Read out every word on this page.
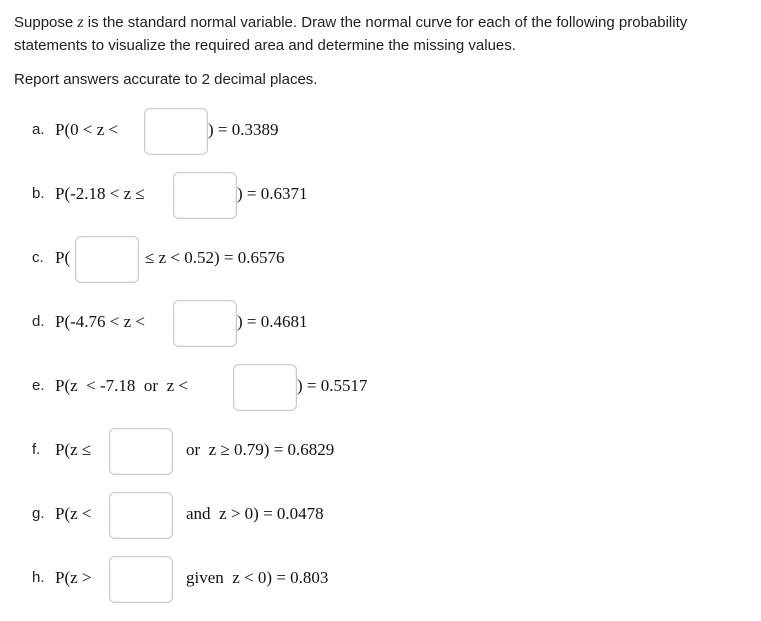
Suppose z is the standard normal variable. Draw the normal curve for each of the following probability statements to visualize the required area and determine the missing values.

Report answers accurate to 2 decimal places.

a. P(0 < z <	) = 0.3389
b. P(-2.18 < z ≤	) = 0.6371
c. P(	≤ z < 0.52) = 0.6576
d. P(-4.76 < z <	) = 0.4681
e. P(z  < -7.18  or  z <	) = 0.5517
f. P(z ≤	or  z ≥ 0.79) = 0.6829
g. P(z <	and  z > 0) = 0.0478
h. P(z >	given  z < 0) = 0.803
